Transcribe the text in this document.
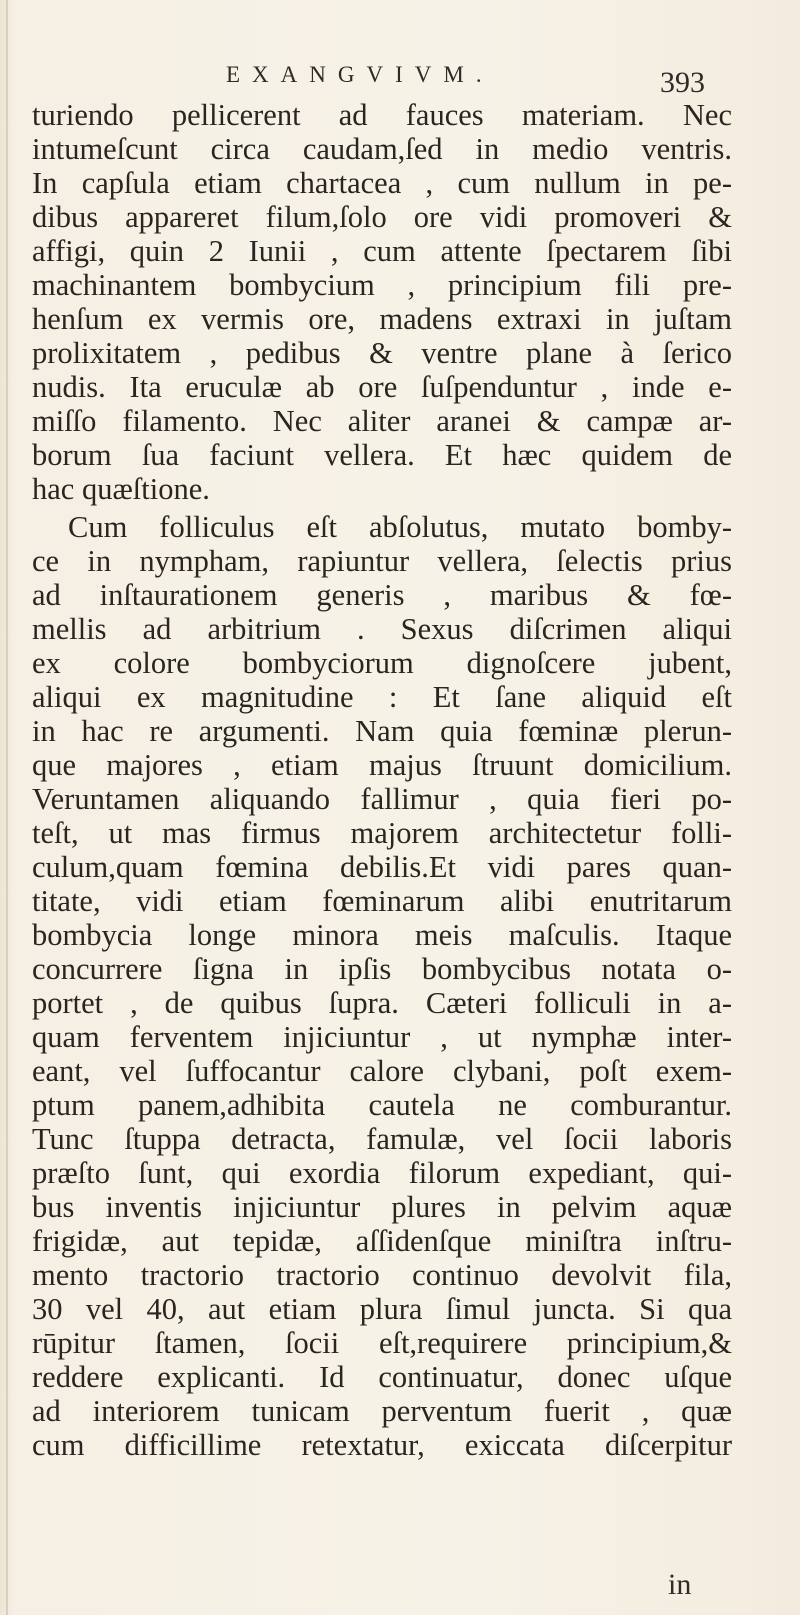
EXANGVIVM.	393
turiendo pellicerent ad fauces materiam. Nec
intumeſcunt circa caudam,ſed in medio ventris.
In capſula etiam chartacea , cum nullum in pe-
dibus appareret filum,ſolo ore vidi promoveri &
affigi, quin 2 Iunii , cum attente ſpectarem ſibi
machinantem bombycium , principium fili pre-
henſum ex vermis ore, madens extraxi in juſtam
prolixitatem , pedibus & ventre plane à ſerico
nudis. Ita eruculæ ab ore ſuſpenduntur , inde e-
miſſo filamento. Nec aliter aranei & campæ ar-
borum ſua faciunt vellera. Et hæc quidem de
hac quæſtione.
Cum folliculus eſt abſolutus, mutato bomby-
ce in nympham, rapiuntur vellera, ſelectis prius
ad inſtaurationem generis , maribus & fœ-
mellis ad arbitrium . Sexus diſcrimen aliqui
ex colore bombyciorum dignoſcere jubent,
aliqui ex magnitudine : Et ſane aliquid eſt
in hac re argumenti. Nam quia fœminæ plerun-
que majores , etiam majus ſtruunt domicilium.
Veruntamen aliquando fallimur , quia fieri po-
teſt, ut mas firmus majorem architectetur folli-
culum,quam fœmina debilis.Et vidi pares quan-
titate, vidi etiam fœminarum alibi enutritarum
bombycia longe minora meis maſculis. Itaque
concurrere ſigna in ipſis bombycibus notata o-
portet , de quibus ſupra. Cæteri folliculi in a-
quam ferventem injiciuntur , ut nymphæ inter-
eant, vel ſuffocantur calore clybani, poſt exem-
ptum panem,adhibita cautela ne comburantur.
Tunc ſtuppa detracta, famulæ, vel ſocii laboris
præſto ſunt, qui exordia filorum expediant, qui-
bus inventis injiciuntur plures in pelvim aquæ
frigidæ, aut tepidæ, aſſidenſque miniſtra inſtru-
mento tractorio tractorio continuo devolvit fila,
30 vel 40, aut etiam plura ſimul juncta. Si qua
rūpitur ſtamen, ſocii eſt,requirere principium,&
reddere explicanti. Id continuatur, donec uſque
ad interiorem tunicam perventum fuerit , quæ
cum difficillime retextatur, exiccata diſcerpitur
in
